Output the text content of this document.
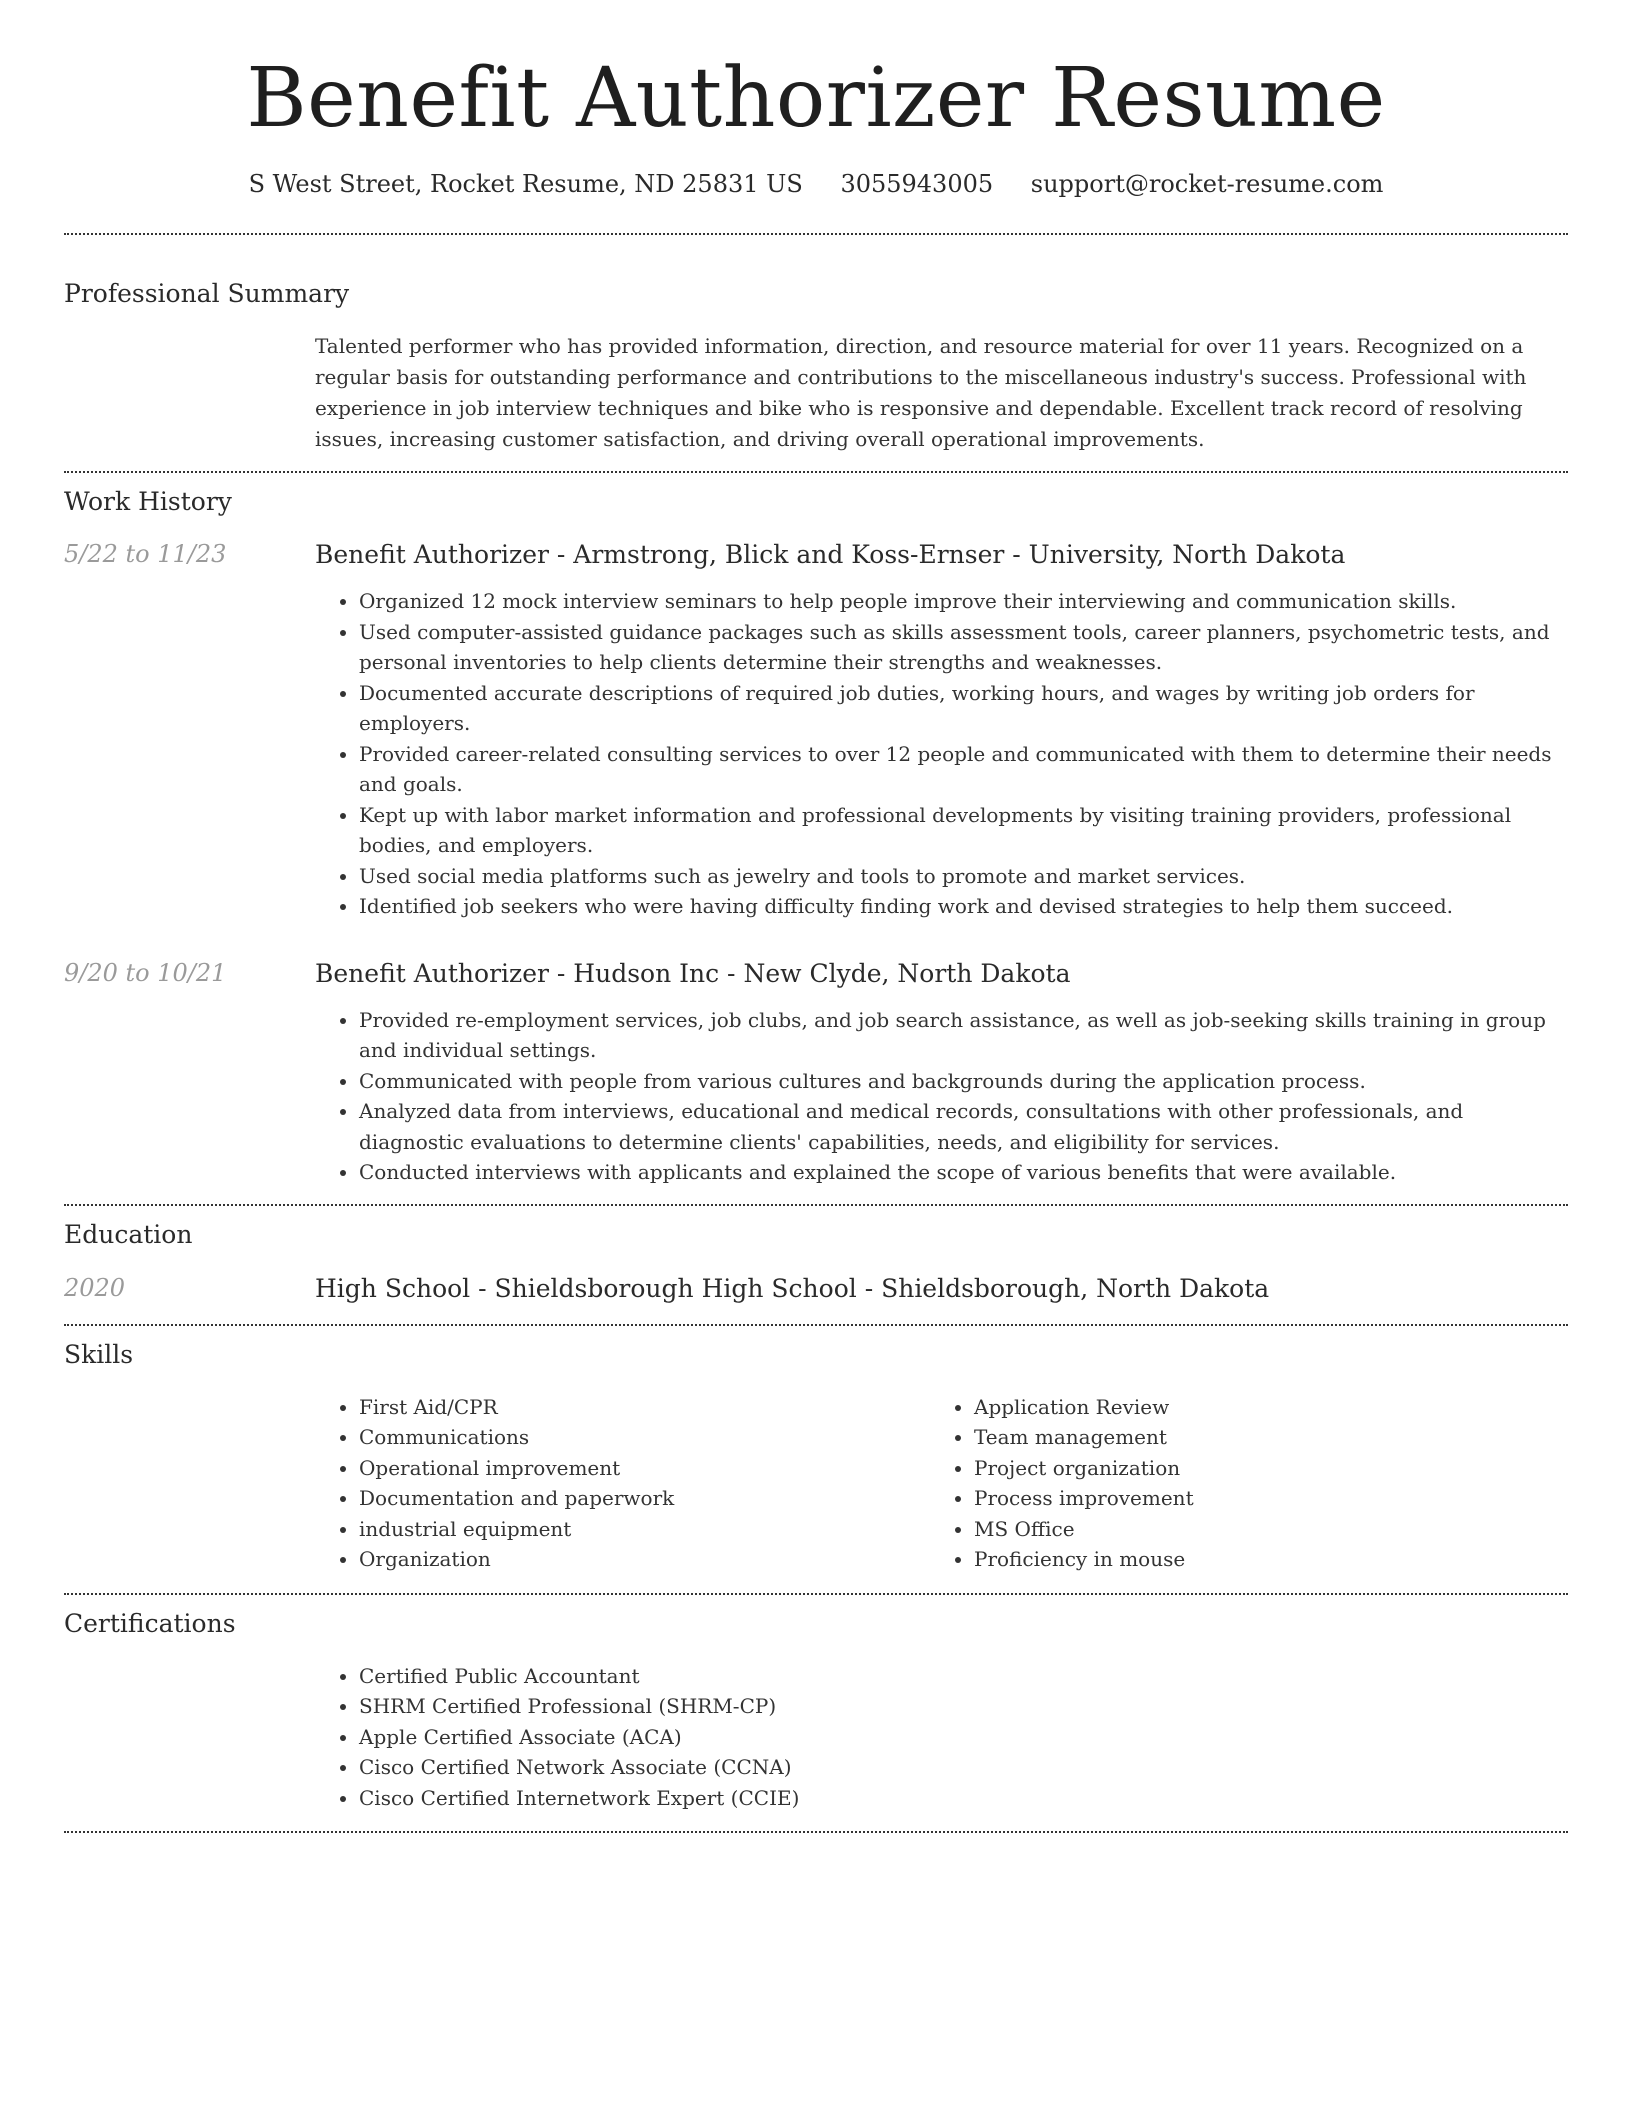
Benefit Authorizer Resume
S West Street, Rocket Resume, ND 25831 US 3055943005 support@rocket-resume.com
Professional Summary

Talented performer who has provided information, direction, and resource material for over 11 years. Recognized on a regular basis for outstanding performance and contributions to the miscellaneous industry's success. Professional with experience in job interview techniques and bike who is responsive and dependable. Excellent track record of resolving issues, increasing customer satisfaction, and driving overall operational improvements.

Work History
5/22 to 11/23	Benefit Authorizer - Armstrong, Blick and Koss-Ernser - University, North Dakota
• Organized 12 mock interview seminars to help people improve their interviewing and communication skills.
• Used computer-assisted guidance packages such as skills assessment tools, career planners, psychometric tests, and personal inventories to help clients determine their strengths and weaknesses.
• Documented accurate descriptions of required job duties, working hours, and wages by writing job orders for employers.
• Provided career-related consulting services to over 12 people and communicated with them to determine their needs and goals.
• Kept up with labor market information and professional developments by visiting training providers, professional bodies, and employers.
• Used social media platforms such as jewelry and tools to promote and market services.
• Identified job seekers who were having difficulty finding work and devised strategies to help them succeed.
9/20 to 10/21	Benefit Authorizer - Hudson Inc - New Clyde, North Dakota
• Provided re-employment services, job clubs, and job search assistance, as well as job-seeking skills training in group and individual settings.
• Communicated with people from various cultures and backgrounds during the application process.
• Analyzed data from interviews, educational and medical records, consultations with other professionals, and diagnostic evaluations to determine clients' capabilities, needs, and eligibility for services.
• Conducted interviews with applicants and explained the scope of various benefits that were available.
Education
2020	High School - Shieldsborough High School - Shieldsborough, North Dakota
Skills
• First Aid/CPR
• Communications
• Operational improvement
• Documentation and paperwork
• industrial equipment
• Organization
• Application Review
• Team management
• Project organization
• Process improvement
• MS Office
• Proficiency in mouse
Certifications
• Certified Public Accountant
• SHRM Certified Professional (SHRM-CP)
• Apple Certified Associate (ACA)
• Cisco Certified Network Associate (CCNA)
• Cisco Certified Internetwork Expert (CCIE)
